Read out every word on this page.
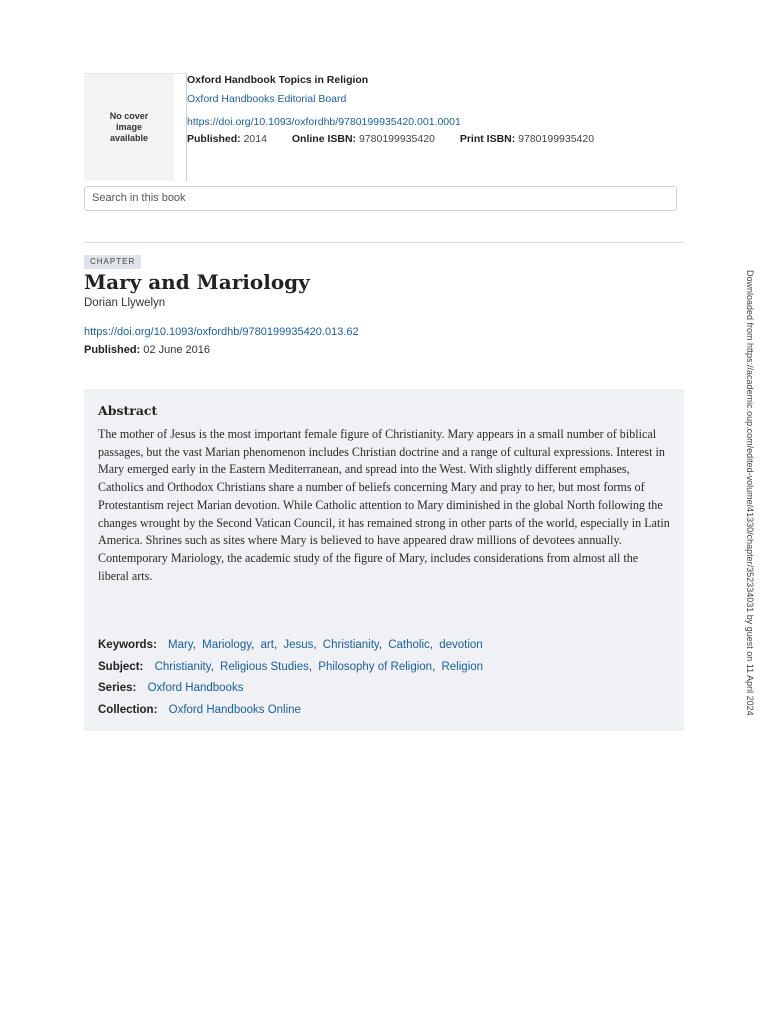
No cover image available
Oxford Handbook Topics in Religion
Oxford Handbooks Editorial Board
https://doi.org/10.1093/oxfordhb/9780199935420.001.0001
Published: 2014 Online ISBN: 9780199935420 Print ISBN: 9780199935420
Search in this book
CHAPTER
Mary and Mariology
Dorian Llywelyn
https://doi.org/10.1093/oxfordhb/9780199935420.013.62
Published: 02 June 2016
Abstract

The mother of Jesus is the most important female figure of Christianity. Mary appears in a small number of biblical passages, but the vast Marian phenomenon includes Christian doctrine and a range of cultural expressions. Interest in Mary emerged early in the Eastern Mediterranean, and spread into the West. With slightly different emphases, Catholics and Orthodox Christians share a number of beliefs concerning Mary and pray to her, but most forms of Protestantism reject Marian devotion. While Catholic attention to Mary diminished in the global North following the changes wrought by the Second Vatican Council, it has remained strong in other parts of the world, especially in Latin America. Shrines such as sites where Mary is believed to have appeared draw millions of devotees annually. Contemporary Mariology, the academic study of the figure of Mary, includes considerations from almost all the liberal arts.

Keywords: Mary, Mariology, art, Jesus, Christianity, Catholic, devotion
Subject: Christianity, Religious Studies, Philosophy of Religion, Religion
Series: Oxford Handbooks
Collection: Oxford Handbooks Online	Downloaded from https://academic.oup.com/edited-volume/41330/chapter/352334031 by guest on 11 April 2024
